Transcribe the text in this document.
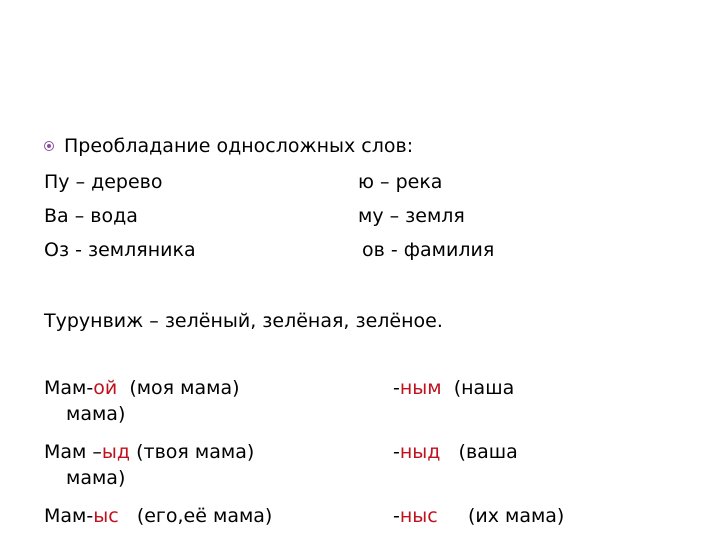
Преобладание односложных слов:
Пу – дерево	ю – река
Ва – вода	му – земля
Оз - земляника	ов - фамилия
Турунвиж – зелёный, зелёная, зелёное.
Мам-ой (моя мама)	-ным (наша
мама)
Мам –ыд (твоя мама)	-ныд (ваша
мама)
Мам-ыс (его,её мама)	-ныс (их мама)
